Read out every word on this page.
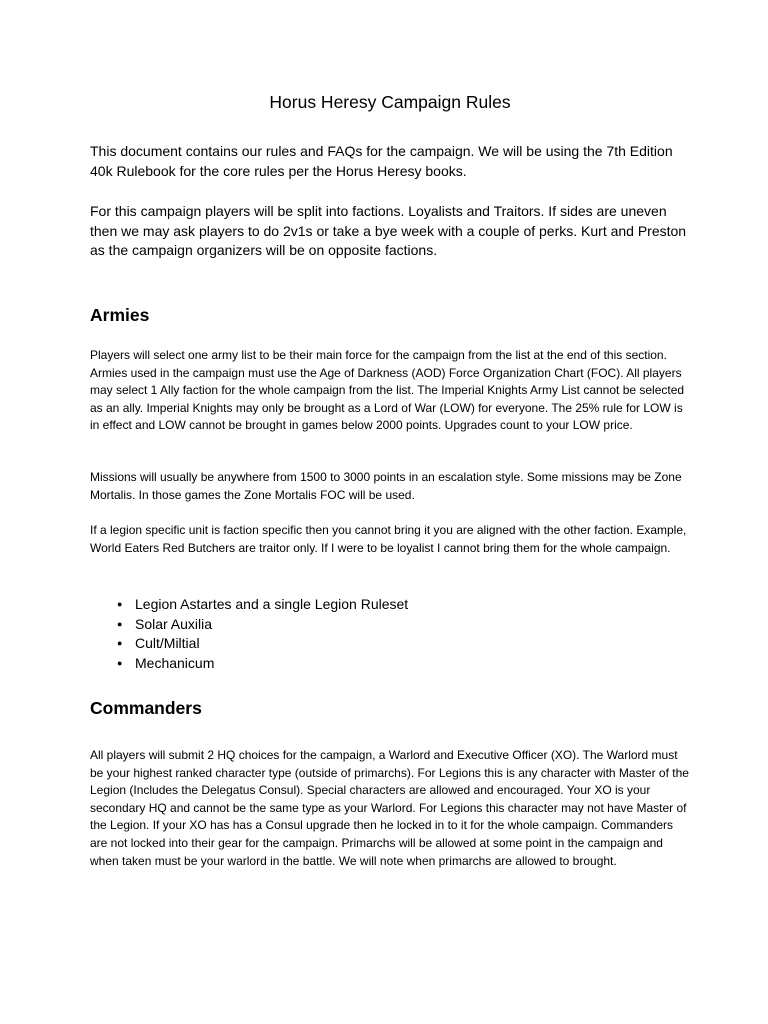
Horus Heresy Campaign Rules

This document contains our rules and FAQs for the campaign. We will be using the 7th Edition 40k Rulebook for the core rules per the Horus Heresy books.

For this campaign players will be split into factions. Loyalists and Traitors. If sides are uneven then we may ask players to do 2v1s or take a bye week with a couple of perks. Kurt and Preston as the campaign organizers will be on opposite factions.

Armies

Players will select one army list to be their main force for the campaign from the list at the end of this section. Armies used in the campaign must use the Age of Darkness (AOD) Force Organization Chart (FOC). All players may select 1 Ally faction for the whole campaign from the list. The Imperial Knights Army List cannot be selected as an ally. Imperial Knights may only be brought as a Lord of War (LOW) for everyone. The 25% rule for LOW is in effect and LOW cannot be brought in games below 2000 points. Upgrades count to your LOW price.

Missions will usually be anywhere from 1500 to 3000 points in an escalation style. Some missions may be Zone Mortalis. In those games the Zone Mortalis FOC will be used.

If a legion specific unit is faction specific then you cannot bring it you are aligned with the other faction. Example, World Eaters Red Butchers are traitor only. If I were to be loyalist I cannot bring them for the whole campaign.

● Legion Astartes and a single Legion Ruleset
● Solar Auxilia
● Cult/Miltial
● Mechanicum
Commanders

All players will submit 2 HQ choices for the campaign, a Warlord and Executive Officer (XO). The Warlord must be your highest ranked character type (outside of primarchs). For Legions this is any character with Master of the Legion (Includes the Delegatus Consul). Special characters are allowed and encouraged. Your XO is your secondary HQ and cannot be the same type as your Warlord. For Legions this character may not have Master of the Legion. If your XO has has a Consul upgrade then he locked in to it for the whole campaign. Commanders are not locked into their gear for the campaign. Primarchs will be allowed at some point in the campaign and when taken must be your warlord in the battle. We will note when primarchs are allowed to brought.
